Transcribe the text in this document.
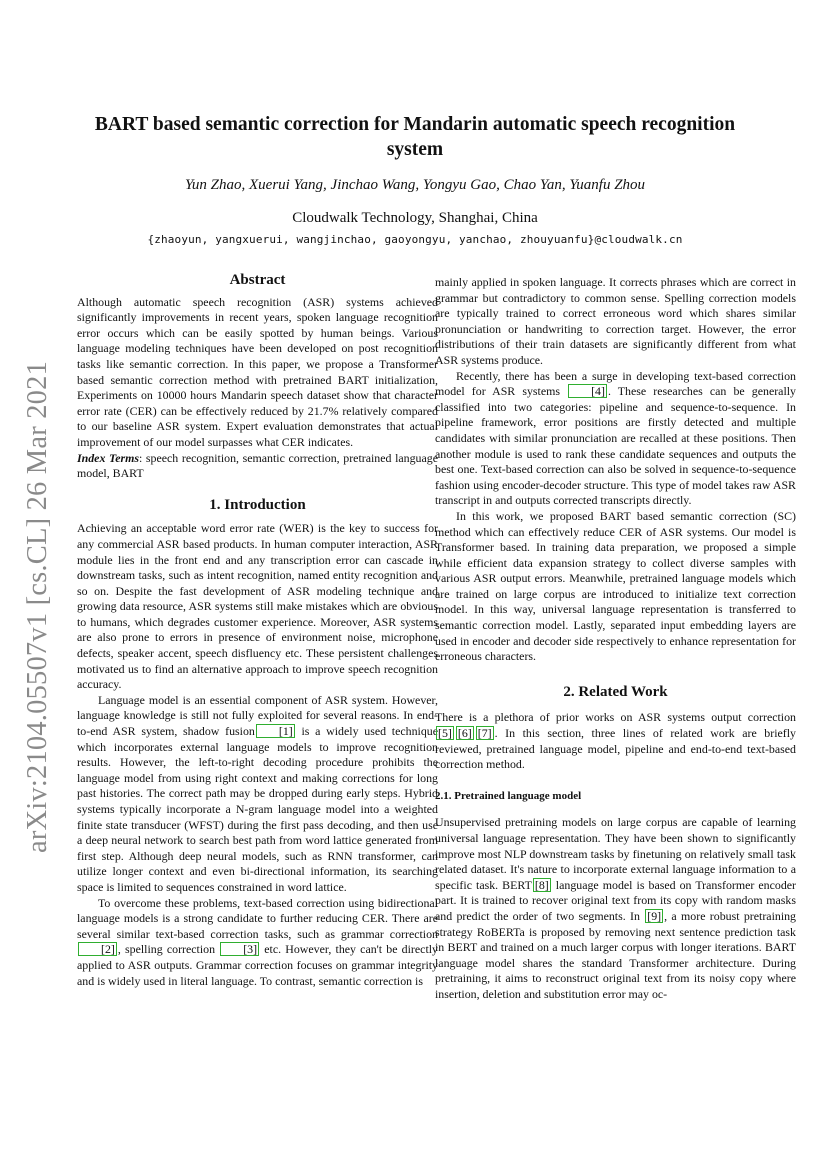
arXiv:2104.05507v1 [cs.CL] 26 Mar 2021
BART based semantic correction for Mandarin automatic speech recognition system
Yun Zhao, Xuerui Yang, Jinchao Wang, Yongyu Gao, Chao Yan, Yuanfu Zhou
Cloudwalk Technology, Shanghai, China
{zhaoyun, yangxuerui, wangjinchao, gaoyongyu, yanchao, zhouyuanfu}@cloudwalk.cn

Abstract

Although automatic speech recognition (ASR) systems achieved significantly improvements in recent years, spoken language recognition error occurs which can be easily spotted by human beings. Various language modeling techniques have been developed on post recognition tasks like semantic correction. In this paper, we propose a Transformer based semantic correction method with pretrained BART initialization, Experiments on 10000 hours Mandarin speech dataset show that character error rate (CER) can be effectively reduced by 21.7% relatively compared to our baseline ASR system. Expert evaluation demonstrates that actual improvement of our model surpasses what CER indicates.

Index Terms: speech recognition, semantic correction, pretrained language model, BART

1. Introduction

Achieving an acceptable word error rate (WER) is the key to success for any commercial ASR based products. In human computer interaction, ASR module lies in the front end and any transcription error can cascade in downstream tasks, such as intent recognition, named entity recognition and so on. Despite the fast development of ASR modeling technique and growing data resource, ASR systems still make mistakes which are obvious to humans, which degrades customer experience. Moreover, ASR systems are also prone to errors in presence of environment noise, microphone defects, speaker accent, speech disfluency etc. These persistent challenges motivated us to find an alternative approach to improve speech recognition accuracy.

Language model is an essential component of ASR system. However, language knowledge is still not fully exploited for several reasons. In end-to-end ASR system, shadow fusion [1] is a widely used technique which incorporates external language models to improve recognition results. However, the left-to-right decoding procedure prohibits the language model from using right context and making corrections for long past histories. The correct path may be dropped during early steps. Hybrid systems typically incorporate a N-gram language model into a weighted finite state transducer (WFST) during the first pass decoding, and then use a deep neural network to search best path from word lattice generated from first step. Although deep neural models, such as RNN transformer, can utilize longer context and even bi-directional information, its searching space is limited to sequences constrained in word lattice.

To overcome these problems, text-based correction using bidirectional language models is a strong candidate to further reducing CER. There are several similar text-based correction tasks, such as grammar correction [2] , spelling correction [3] etc. However, they can't be directly applied to ASR outputs. Grammar correction focuses on grammar integrity and is widely used in literal language. To contrast, semantic correction is

mainly applied in spoken language. It corrects phrases which are correct in grammar but contradictory to common sense. Spelling correction models are typically trained to correct erroneous word which shares similar pronunciation or handwriting to correction target. However, the error distributions of their train datasets are significantly different from what ASR systems produce.

Recently, there has been a surge in developing text-based correction model for ASR systems [4] . These researches can be generally classified into two categories: pipeline and sequence-to-sequence. In pipeline framework, error positions are firstly detected and multiple candidates with similar pronunciation are recalled at these positions. Then another module is used to rank these candidate sequences and outputs the best one. Text-based correction can also be solved in sequence-to-sequence fashion using encoder-decoder structure. This type of model takes raw ASR transcript in and outputs corrected transcripts directly.

In this work, we proposed BART based semantic correction (SC) method which can effectively reduce CER of ASR systems. Our model is Transformer based. In training data preparation, we proposed a simple while efficient data expansion strategy to collect diverse samples with various ASR output errors. Meanwhile, pretrained language models which are trained on large corpus are introduced to initialize text correction model. In this way, universal language representation is transferred to semantic correction model. Lastly, separated input embedding layers are used in encoder and decoder side respectively to enhance representation for erroneous characters.

2. Related Work

There is a plethora of prior works on ASR systems output correction [5] [6] [7] . In this section, three lines of related work are briefly reviewed, pretrained language model, pipeline and end-to-end text-based correction method.

2.1. Pretrained language model

Unsupervised pretraining models on large corpus are capable of learning universal language representation. They have been shown to significantly improve most NLP downstream tasks by finetuning on relatively small task related dataset. It's nature to incorporate external language information to a specific task. BERT [8] language model is based on Transformer encoder part. It is trained to recover original text from its copy with random masks and predict the order of two segments. In [9] , a more robust pretraining strategy RoBERTa is proposed by removing next sentence prediction task in BERT and trained on a much larger corpus with longer iterations. BART language model shares the standard Transformer architecture. During pretraining, it aims to reconstruct original text from its noisy copy where insertion, deletion and substitution error may oc-
